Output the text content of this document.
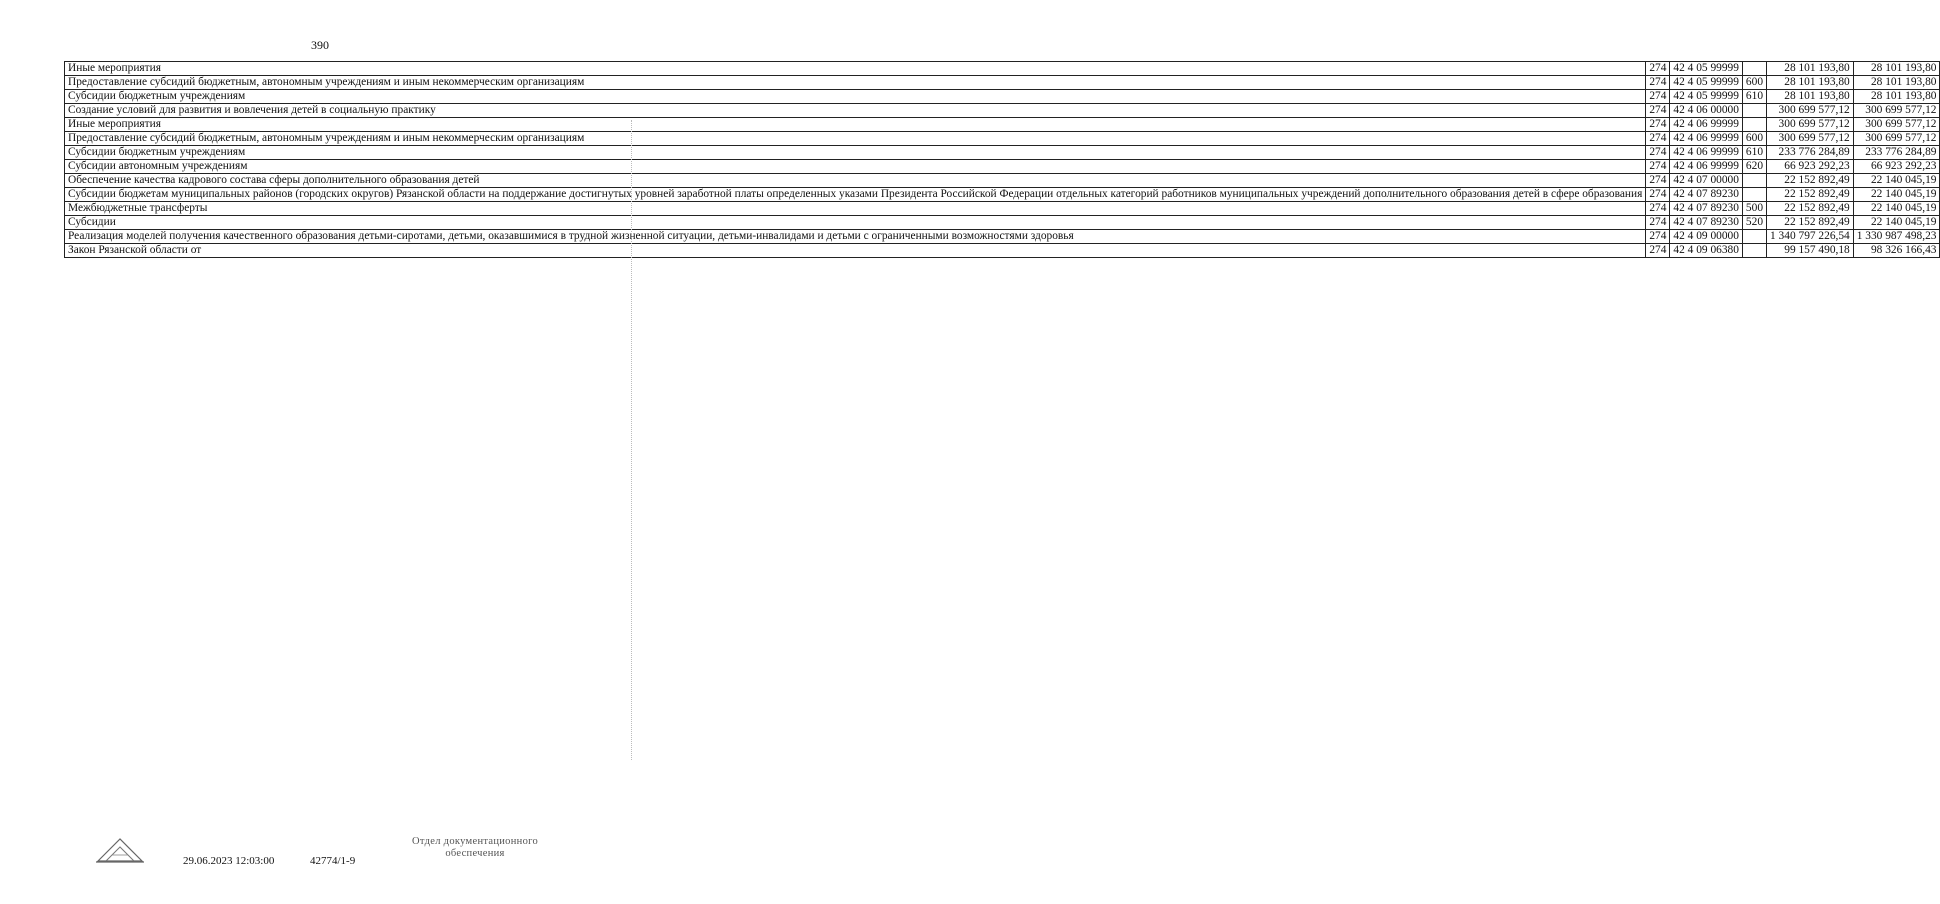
390
Иные мероприятия	274	42 4 05 99999		28 101 193,80	28 101 193,80
Предоставление субсидий бюджетным, автономным учреждениям и иным некоммерческим организациям	274	42 4 05 99999	600	28 101 193,80	28 101 193,80
Субсидии бюджетным учреждениям	274	42 4 05 99999	610	28 101 193,80	28 101 193,80
Создание условий для развития и вовлечения детей в социальную практику	274	42 4 06 00000		300 699 577,12	300 699 577,12
Иные мероприятия	274	42 4 06 99999		300 699 577,12	300 699 577,12
Предоставление субсидий бюджетным, автономным учреждениям и иным некоммерческим организациям	274	42 4 06 99999	600	300 699 577,12	300 699 577,12
Субсидии бюджетным учреждениям	274	42 4 06 99999	610	233 776 284,89	233 776 284,89
Субсидии автономным учреждениям	274	42 4 06 99999	620	66 923 292,23	66 923 292,23
Обеспечение качества кадрового состава сферы дополнительного образования детей	274	42 4 07 00000		22 152 892,49	22 140 045,19
Субсидии бюджетам муниципальных районов (городских округов) Рязанской области на поддержание достигнутых уровней заработной платы определенных указами Президента Российской Федерации отдельных категорий работников муниципальных учреждений дополнительного образования детей в сфере образования	274	42 4 07 89230		22 152 892,49	22 140 045,19
Межбюджетные трансферты	274	42 4 07 89230	500	22 152 892,49	22 140 045,19
Субсидии	274	42 4 07 89230	520	22 152 892,49	22 140 045,19
Реализация моделей получения качественного образования детьми-сиротами, детьми, оказавшимися в трудной жизненной ситуации, детьми-инвалидами и детьми с ограниченными возможностями здоровья	274	42 4 09 00000		1 340 797 226,54	1 330 987 498,23
Закон Рязанской области от	274	42 4 09 06380		99 157 490,18	98 326 166,43
29.06.2023 12:03:00	42774/1-9
Отдел документационного
обеспечения
